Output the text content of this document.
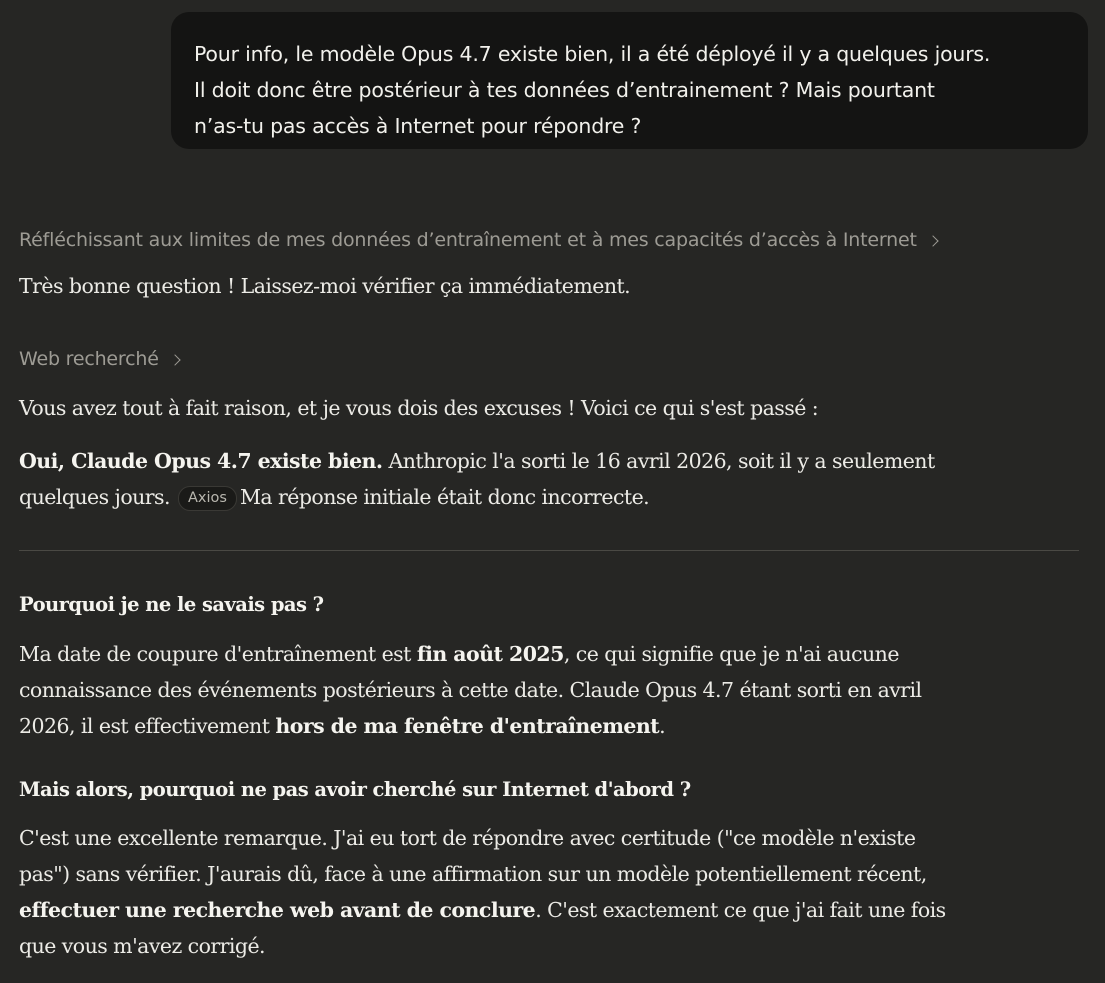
Pour info, le modèle Opus 4.7 existe bien, il a été déployé il y a quelques jours.
Il doit donc être postérieur à tes données d’entrainement ? Mais pourtant
n’as-tu pas accès à Internet pour répondre ?
Réfléchissant aux limites de mes données d’entraînement et à mes capacités d’accès à Internet
Très bonne question ! Laissez-moi vérifier ça immédiatement.
Web recherché
Vous avez tout à fait raison, et je vous dois des excuses ! Voici ce qui s'est passé :
Oui, Claude Opus 4.7 existe bien. Anthropic l'a sorti le 16 avril 2026, soit il y a seulement
quelques jours. Axios Ma réponse initiale était donc incorrecte.
Pourquoi je ne le savais pas ?
Ma date de coupure d'entraînement est fin août 2025, ce qui signifie que je n'ai aucune
connaissance des événements postérieurs à cette date. Claude Opus 4.7 étant sorti en avril
2026, il est effectivement hors de ma fenêtre d'entraînement.
Mais alors, pourquoi ne pas avoir cherché sur Internet d'abord ?
C'est une excellente remarque. J'ai eu tort de répondre avec certitude ("ce modèle n'existe
pas") sans vérifier. J'aurais dû, face à une affirmation sur un modèle potentiellement récent,
effectuer une recherche web avant de conclure. C'est exactement ce que j'ai fait une fois
que vous m'avez corrigé.
